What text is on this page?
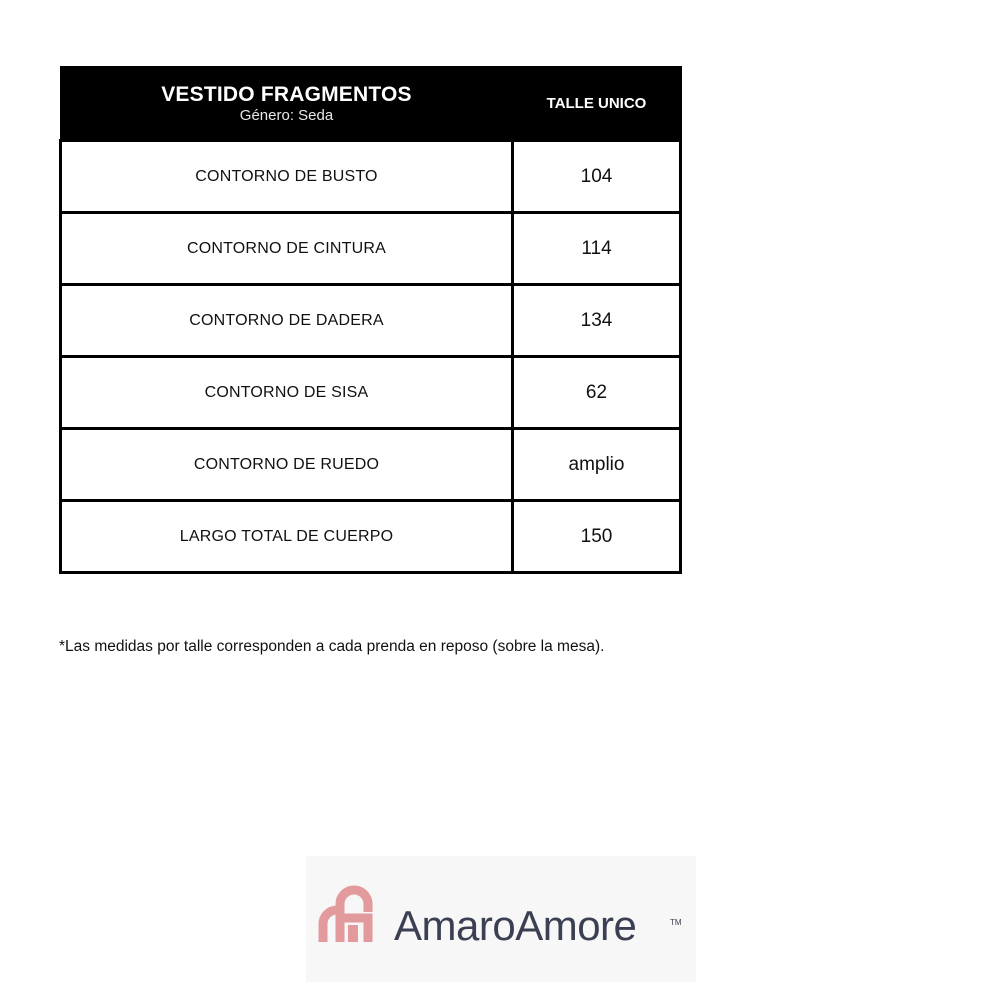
VESTIDO FRAGMENTOS
Género: Seda	TALLE UNICO
CONTORNO DE BUSTO	104
CONTORNO DE CINTURA	114
CONTORNO DE DADERA	134
CONTORNO DE SISA	62
CONTORNO DE RUEDO	amplio
LARGO TOTAL DE CUERPO	150
*Las medidas por talle corresponden a cada prenda en reposo (sobre la mesa).
AmaroAmore	TM
